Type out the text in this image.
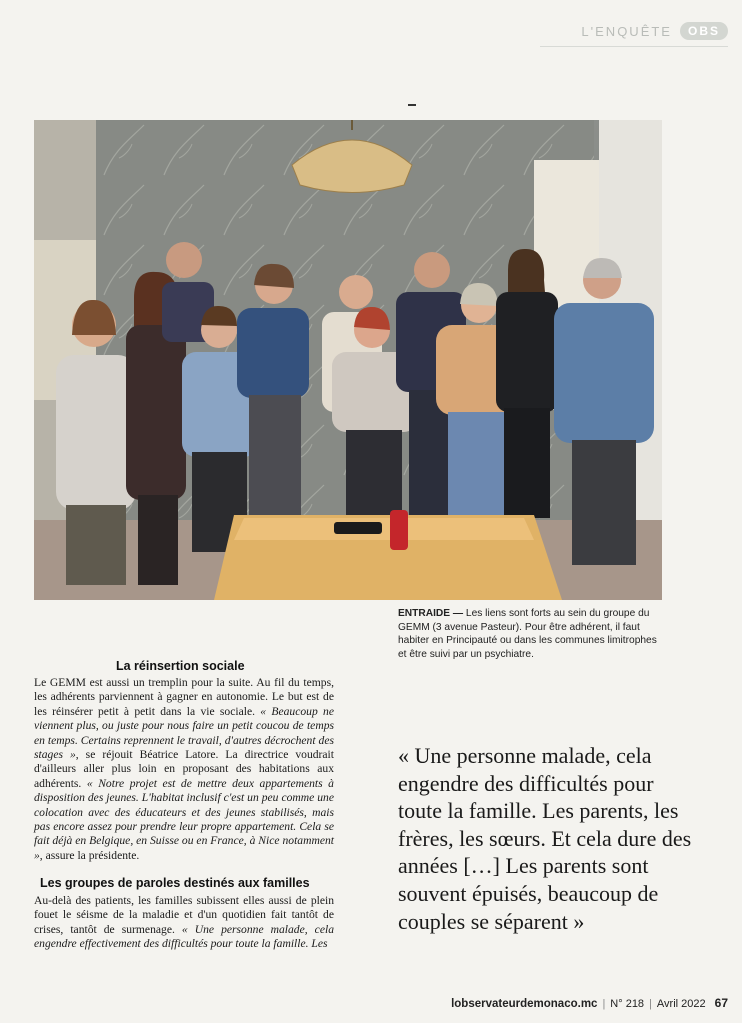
L'ENQUÊTE	OBS
ENTRAIDE — Les liens sont forts au sein du groupe du GEMM (3 avenue Pasteur). Pour être adhérent, il faut habiter en Principauté ou dans les communes limitrophes et être suivi par un psychiatre.
La réinsertion sociale
Le GEMM est aussi un tremplin pour la suite. Au fil du temps, les adhérents parviennent à gagner en autonomie. Le but est de les réinsérer petit à petit dans la vie sociale. « Beaucoup ne viennent plus, ou juste pour nous faire un petit coucou de temps en temps. Certains reprennent le travail, d'autres décrochent des stages », se réjouit Béatrice Latore. La directrice voudrait d'ailleurs aller plus loin en proposant des habitations aux adhérents. « Notre projet est de mettre deux appartements à disposition des jeunes. L'habitat inclusif c'est un peu comme une colocation avec des éducateurs et des jeunes stabilisés, mais pas encore assez pour prendre leur propre appartement. Cela se fait déjà en Belgique, en Suisse ou en France, à Nice notamment », assure la présidente.
Les groupes de paroles destinés aux familles
Au-delà des patients, les familles subissent elles aussi de plein fouet le séisme de la maladie et d'un quotidien fait tantôt de crises, tantôt de surmenage. « Une personne malade, cela engendre effectivement des difficultés pour toute la famille. Les
« Une personne malade, cela engendre des difficultés pour toute la famille. Les parents, les frères, les sœurs. Et cela dure des années […] Les parents sont souvent épuisés, beaucoup de couples se séparent »
lobservateurdemonaco.mc | N° 218 | Avril 2022 67
